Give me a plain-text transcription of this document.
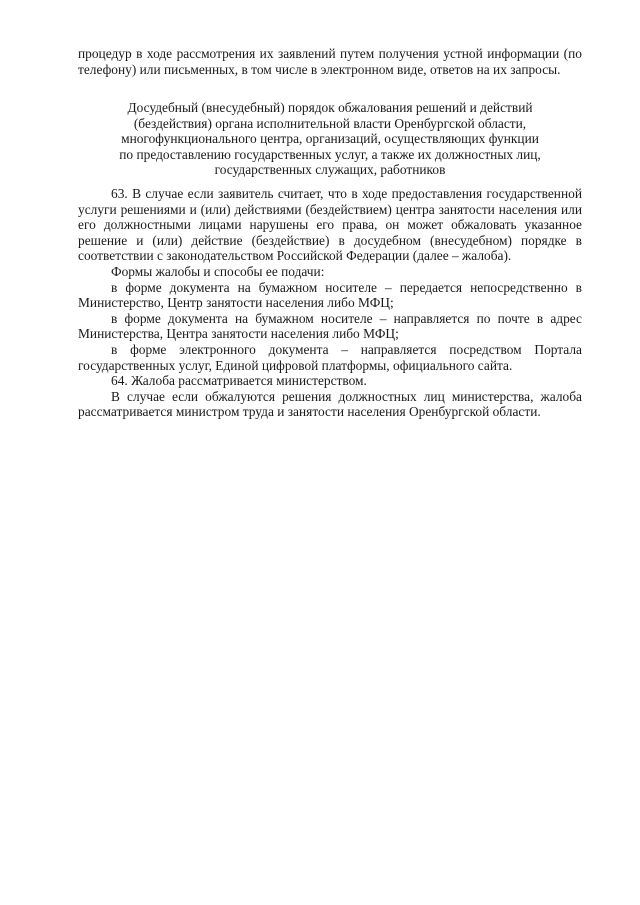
процедур в ходе рассмотрения их заявлений путем получения устной информации (по телефону) или письменных, в том числе в электронном виде, ответов на их запросы.

Досудебный (внесудебный) порядок обжалования решений и действий
(бездействия) органа исполнительной власти Оренбургской области,
многофункционального центра, организаций, осуществляющих функции
по предоставлению государственных услуг, а также их должностных лиц,
государственных служащих, работников

63. В случае если заявитель считает, что в ходе предоставления государственной услуги решениями и (или) действиями (бездействием) центра занятости населения или его должностными лицами нарушены его права, он может обжаловать указанное решение и (или) действие (бездействие) в досудебном (внесудебном) порядке в соответствии с законодательством Российской Федерации (далее – жалоба).

Формы жалобы и способы ее подачи:

в форме документа на бумажном носителе – передается непосредственно в Министерство, Центр занятости населения либо МФЦ;

в форме документа на бумажном носителе – направляется по почте в адрес Министерства, Центра занятости населения либо МФЦ;

в форме электронного документа – направляется посредством Портала государственных услуг, Единой цифровой платформы, официального сайта.

64. Жалоба рассматривается министерством.

В случае если обжалуются решения должностных лиц министерства, жалоба рассматривается министром труда и занятости населения Оренбургской области.
